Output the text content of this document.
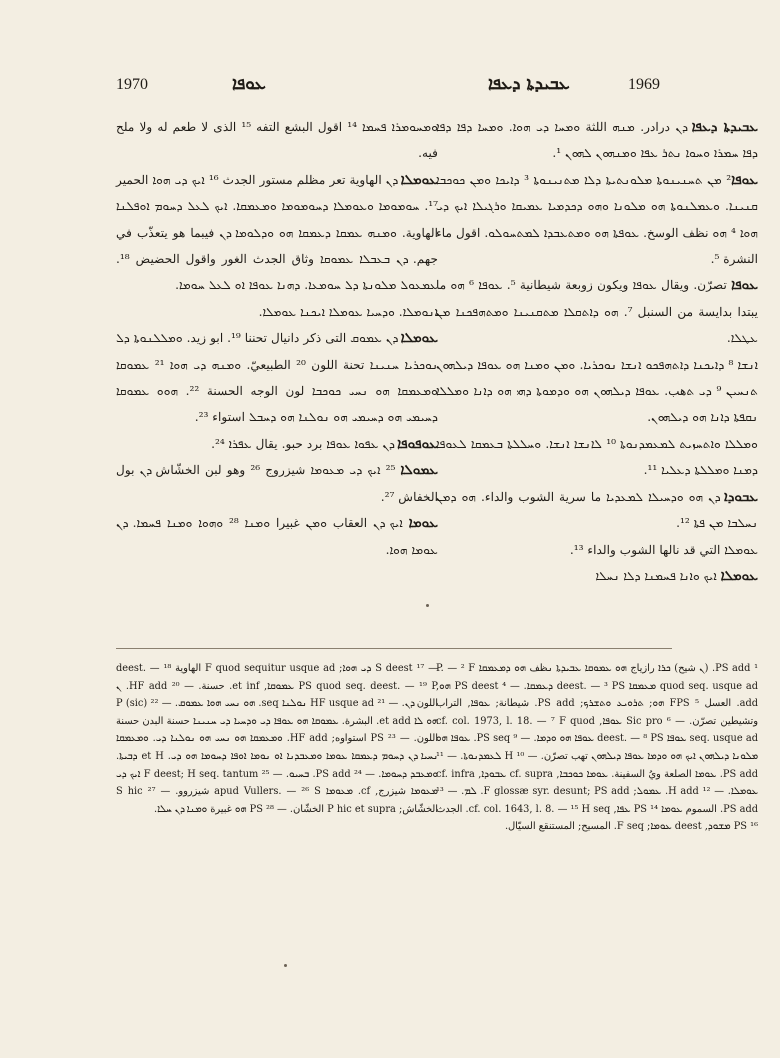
1970	ܥܘܦܐ	ܥܒܝܕܬܐ ܕܥܦܐ	1969

ܘܡܚܘܡܪܐ ܦܚܡܐ ¹⁴ اقول البشع التفه ¹⁵ الذى لا طعم له ولا ملح فيه.

ܥܘܡܠܐ ܕܢ الهاوية تعر مظلم مستور الجدث ¹⁶ ܐܝܟ ܕܝ ܗܘܐ الحمير ¹⁷. ܚܘܡܘܡܐ ܘܥܘܡܠܐ ܕܚܘܡܘܡܐ ܘܡܥܡܩܐ. ܐܝܟ ܠܥܠ ܕܚܘܡ ܐܘܦܠܢܐ الهاوية. ܘܡܢܗ ܥܡܩܐ ܕܥܡܩܐ ܗܘ ܘܕܠܘܡܐ ܕܢ فيبما هو يتعذّب في جهم. ܕܢ ܒܥܒܠܐ ܥܡܘܩܐ وثاق الجدث الغور واقول الحضيض ¹⁸. ܥܡܥܘܠ ܡܠܘܢܬܐ ܕܠ ܚܘܡܥܐ. ܕܗܢܐ ܥܘܦܐ ܐܘ ܠܥܠ ܚܘܡܐ.

ܐܢܘܡܠܐ. ܘܕܚܝܐ ܥܘܡܠܐ ܐܝܟܢܐ ܥܘܡܠܐ.

ܥܘܡܠܐ ܕܢ ܥܡܘܩ التى ذكر دانيال تحننا ¹⁹. ابو زيد. ܘܡܠܠܢܘܬܐ ܕܠ ܢܘܟܪܝܐ ܚܢܝܢܐ تحنة اللون ²⁰ الطبيعيّ. ܘܡܢܗ ܕܝ ܗܘܐ ²¹ ܥܡܘܩܐ ܘܡܥܡܩܐ ܗܘ ܢܚܝ ܟܘܟܒܐ لون الوجه الحسنة ²². ܗܘܘ ܥܡܘܩܐ ܕܚܝܡܝ ܗܘ ܕܚܝܡܝ ܗܘ ܢܘܠܢܐ ܗܘ ܕܚܒܠ استواء ²³.

ܥܘܦܘܦܐ ܕܢ ܥܦܘܐ ܥܘܦܐ برد حبو. يقال ܥܦܪܐ ²⁴.

ܥܡܘܠܐ ²⁵ ܐܝܟ ܕܝ ܡܥܘܡܐ شيزروج ²⁶ وهو لبن الخشّاش ܕܢ بول الخفاش ²⁷.

ܥܘܡܐ ܐܝܟ ܕܢ العقاب ܘܡܢ غبيرا ܘܡܢܐ ²⁸ ܘܗܘܐ ܘܡܢܐ ܦܚܡܐ. ܕܢ ܥܘܡܐ ܗܘܐ.

ܥܒܝܕܬܐ ܕܥܦܐ ܕܢ درادر. ܡܢܗ اللثة ܘܡܚܐ ܕܝ ܗܘܐ. ܘܡܚܐ ܕܦܐ ܕܦܐ ܕܦܐ ܚܡܪܐ ܘܚܘܐ ܢܬܪ ܥܦܐ ܘܡܢܗܘܢ ܠܗܘܢ ¹.

ܥܘܦܐ² ܡܢ ܬܚܢܝܢܘܬܐ ܡܠܘܢܬܝܬܐ ܕܠܐ ܡܬܢܝܢܘܬܐ ³ ܕܐܝܟܐ ܘܡܢ ܟܘܟܒܐ ܩܢܝܢܐ. ܘܥܡܠܢܘܬܐ ܗܘ ܡܠܘܢܐ ܘܗܘ ܕܟܕܡܝܐ ܥܡܝܩܐ ܘܪܓܝܠܐ ܐܝܟ ܕܝ ܗܘܐ ⁴ ܗܘ نظف الوسخ. ܥܘܦܬܐ ܗܘ ܘܡܬܥܒܕܐ ܠܡܬܚܘܠܘ. اقول ماء النشرة ⁵.

ܥܘܦܐ تصرّن. ويقال ܥܘܦܐ ويكون زوبعة شيطانية ⁵. ܥܘܦܐ ⁶ ܗܘ ما يبتدا بدايسة من السنبل ⁷. ܗܘ ܕܐܬܩܠܐ ܡܬܩܢܝܢܐ ܘܡܬܗܦܟܢܐ ܡܢ ܥܛܠܐ.

ܐܢܫܐ ⁸ ܕܐܝܟܢܐ ܕܐܬܗܦܟܘ ܐܢܫܐ ܢܘܟܪܝܐ. ܘܡܢ ܘܡܢܐ ܗܘ ܥܘܦܐ ܕܝܠܗܘܢ ܬܢܚܝܢ ⁹ ܕܝ ܬهب. ܥܘܦܐ ܕܝܠܗܘܢ ܗܘ ܘܕܡܘܬܐ ܕܗܝ ܗܘ ܕܐܢܐ ܘܡܠܠܐ ܢܩܦܬܐ ܕܐܢܐ ܗܘ ܕܝܠܗܘܢ.

ܘܡܠܠܐ ܘܐܬܚܙܝܬ ܠܡܥܡܕܢܘܬܐ ¹⁰ ܠܐܢܫܐ ܐܢܫܐ. ܘܚܠܠܬܐ ܒܥܡܩܐ ܠܥܘܦܐ ܕܡܢܐ ܘܡܠܠܬܐ ܕܥܠܝܐ ¹¹.

ܥܒܘܕܐ ܕܢ ܗܘ ܘܕܚܝܠܐ ܠܡܥܕܝܐ ما سرية الشوب والداء. ܗܘ ܕܡܢ ܢܚܠܒܐ ܡܢ ܦܬܐ ¹².

ܥܘܡܠܐ التي قد نالها الشوب والداء ¹³.

ܥܘܡܠܐ ܐܝܟ ܘܐܢܐ ܦܚܡܢܐ ܕܠܐ ܢܚܠܐ

¹ PS add. (ܢ شيح) ܟܪܐ رازياج ܗܘ ܥܡܘܩܐ ܥܒܝܕܬܐ ܢظف ܗܘ ܕܡܥܡܩܐ P. — ² F quod seq. usque ad ܡܥܡܩܐ deest. — ³ PS ܕܥܡܩܐ. — ⁴ PS deest ܗܘ, add. العسل ⁵ FPS ܗܘ; ܬܪܘܝܥ ܘܬܫܪܟ; PS add. شيطانة; ܥܘܦܐ, التراب وتشيطين تصرّن. — ⁶ Sic pro ܥܘܦܐ, cf. col. 1973, l. 18. — ⁷ F quod seq. usque ad ܥܘܦܐ deest. — ⁸ PS ܥܘܦܐ ܗܘ ܘܕܡܐ. — ⁹ PS seq. ܥܘܦܐ ܗܘ ܡܠܘܢܐ ܕܝܠܗܘܢ ܐܝܟ ܗܘ ܘܕܡܐ ܥܘܦܐ ܕܝܠܗܘܢ تهب تصرّن. — ¹⁰ H ܠܥܡܕܢܘܬܐ. — ¹¹ PS add. ܥܘܡܐ الصلعة ويُ السفينة. ܥܘܡܐ ܟܘܟܒܐ, cf. supra ܥܒܘܕܐ, cf. infra ܥܘܡܠܐ. — ¹² H add. ܥܡܘܠ; F glossæ syr. desunt; PS add. ܠܡ. — ¹³ PS add. السموم ܥܘܡܐ ¹⁴ PS ܥܦܐ, cf. col. 1643, l. 8. — ¹⁵ H seq. الجدث ¹⁶ PS ܡܫܘܕ, deest ܥܘܡܐ; F seq. المسيح; المستنقع السيّال.

— ¹⁷ S deest ܕܝ ܗܘܐ; F quod sequitur usque ad الهاوية deest. — ¹⁸ PS quod seq. deest. — ¹⁹ P ܥܡܘܩܐ, et inf. حسنة. — ²⁰ HF add. ܢ اللون ܕܢ. — ²¹ HF usque ad ܢܘܠܢܐ seq. ܗܘ ܢܚܝ ܗܘܐ ܥܡܘܩ. — ²² P (sic) ܗܘ ܠܐ et add. البشرة. ܥܡܘܩܐ ܗܘ ܥܘܦܐ ܕܝ ܘܕܚܝܐ ܕܝ ܚܢܝܢܐ حسنة البدن حسنة اللون. — ²³ PS استواوه; HF add. ܘܡܥܡܩܐ ܗܘ ܢܚܝ ܗܘ ܢܘܠܢܐ ܕܝ. ܘܡܥܡܩܐ ܢܚܝܐ ܕܢ ܕܚܘܡ ܕܥܡܩܐ ܥܘܡܐ ܘܡܥܒܕܢܐ ܐܘ ܢܘܡܐ ܐܘܦܐ ܕܚܘܡܐ ܗܘ ܕܝ. et H ܕܒܝܬܐ. ܘܡܥܒܕ ܕܚܘܡܐ. — ²⁴ PS add. ܒܚܝܘ. — ²⁵ F deest; H seq. tantum ܐܝܟ ܕܝ ܡܥܘܡܐ شيزرج, cf. ܡܥܘܡܐ apud Vullers. — ²⁶ S شيزروو. — ²⁷ S hic الخشّاش; P hic et supra الخشّان. — ²⁸ PS ܗܘ غبيرة ܘܡܢܐ ܕܢ ܚܠܐ.
